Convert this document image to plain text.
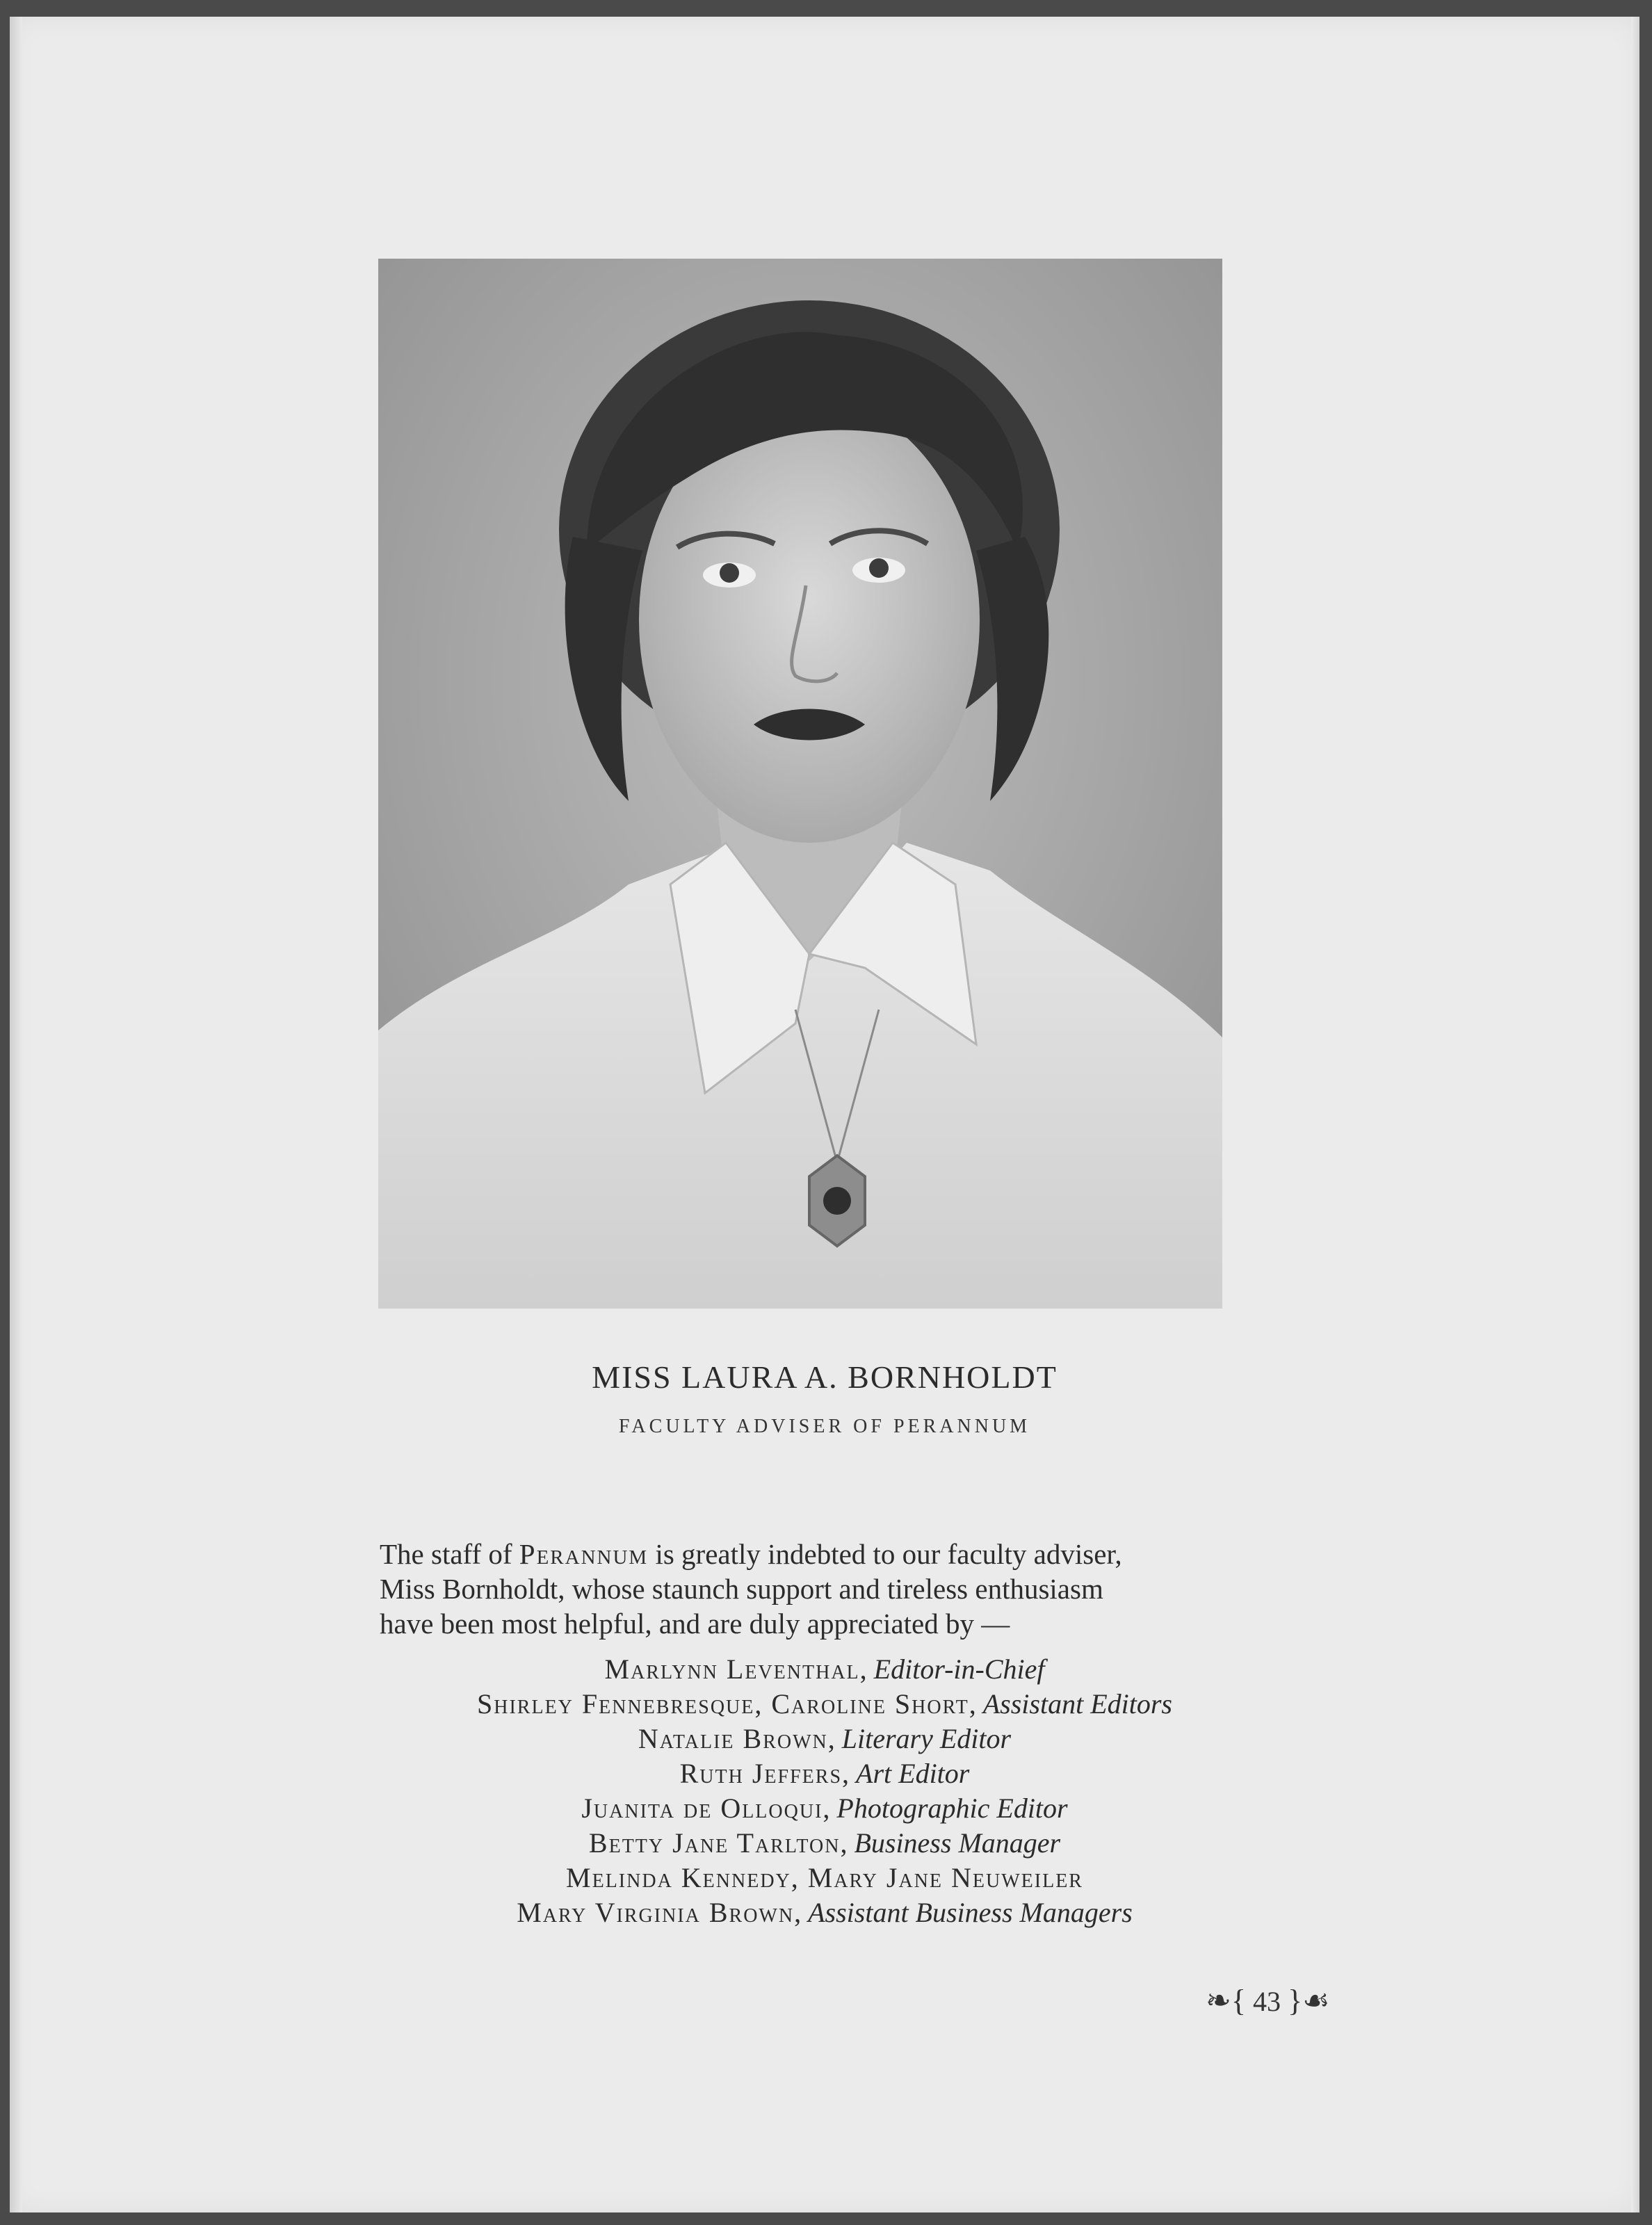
MISS LAURA A. BORNHOLDT
FACULTY ADVISER OF PERANNUM
The staff of Perannum is greatly indebted to our faculty adviser,
Miss Bornholdt, whose staunch support and tireless enthusiasm
have been most helpful, and are duly appreciated by —
Marlynn Leventhal, Editor-in-Chief
Shirley Fennebresque, Caroline Short, Assistant Editors
Natalie Brown, Literary Editor
Ruth Jeffers, Art Editor
Juanita de Olloqui, Photographic Editor
Betty Jane Tarlton, Business Manager
Melinda Kennedy, Mary Jane Neuweiler
Mary Virginia Brown, Assistant Business Managers
❧{ 43 }☙
